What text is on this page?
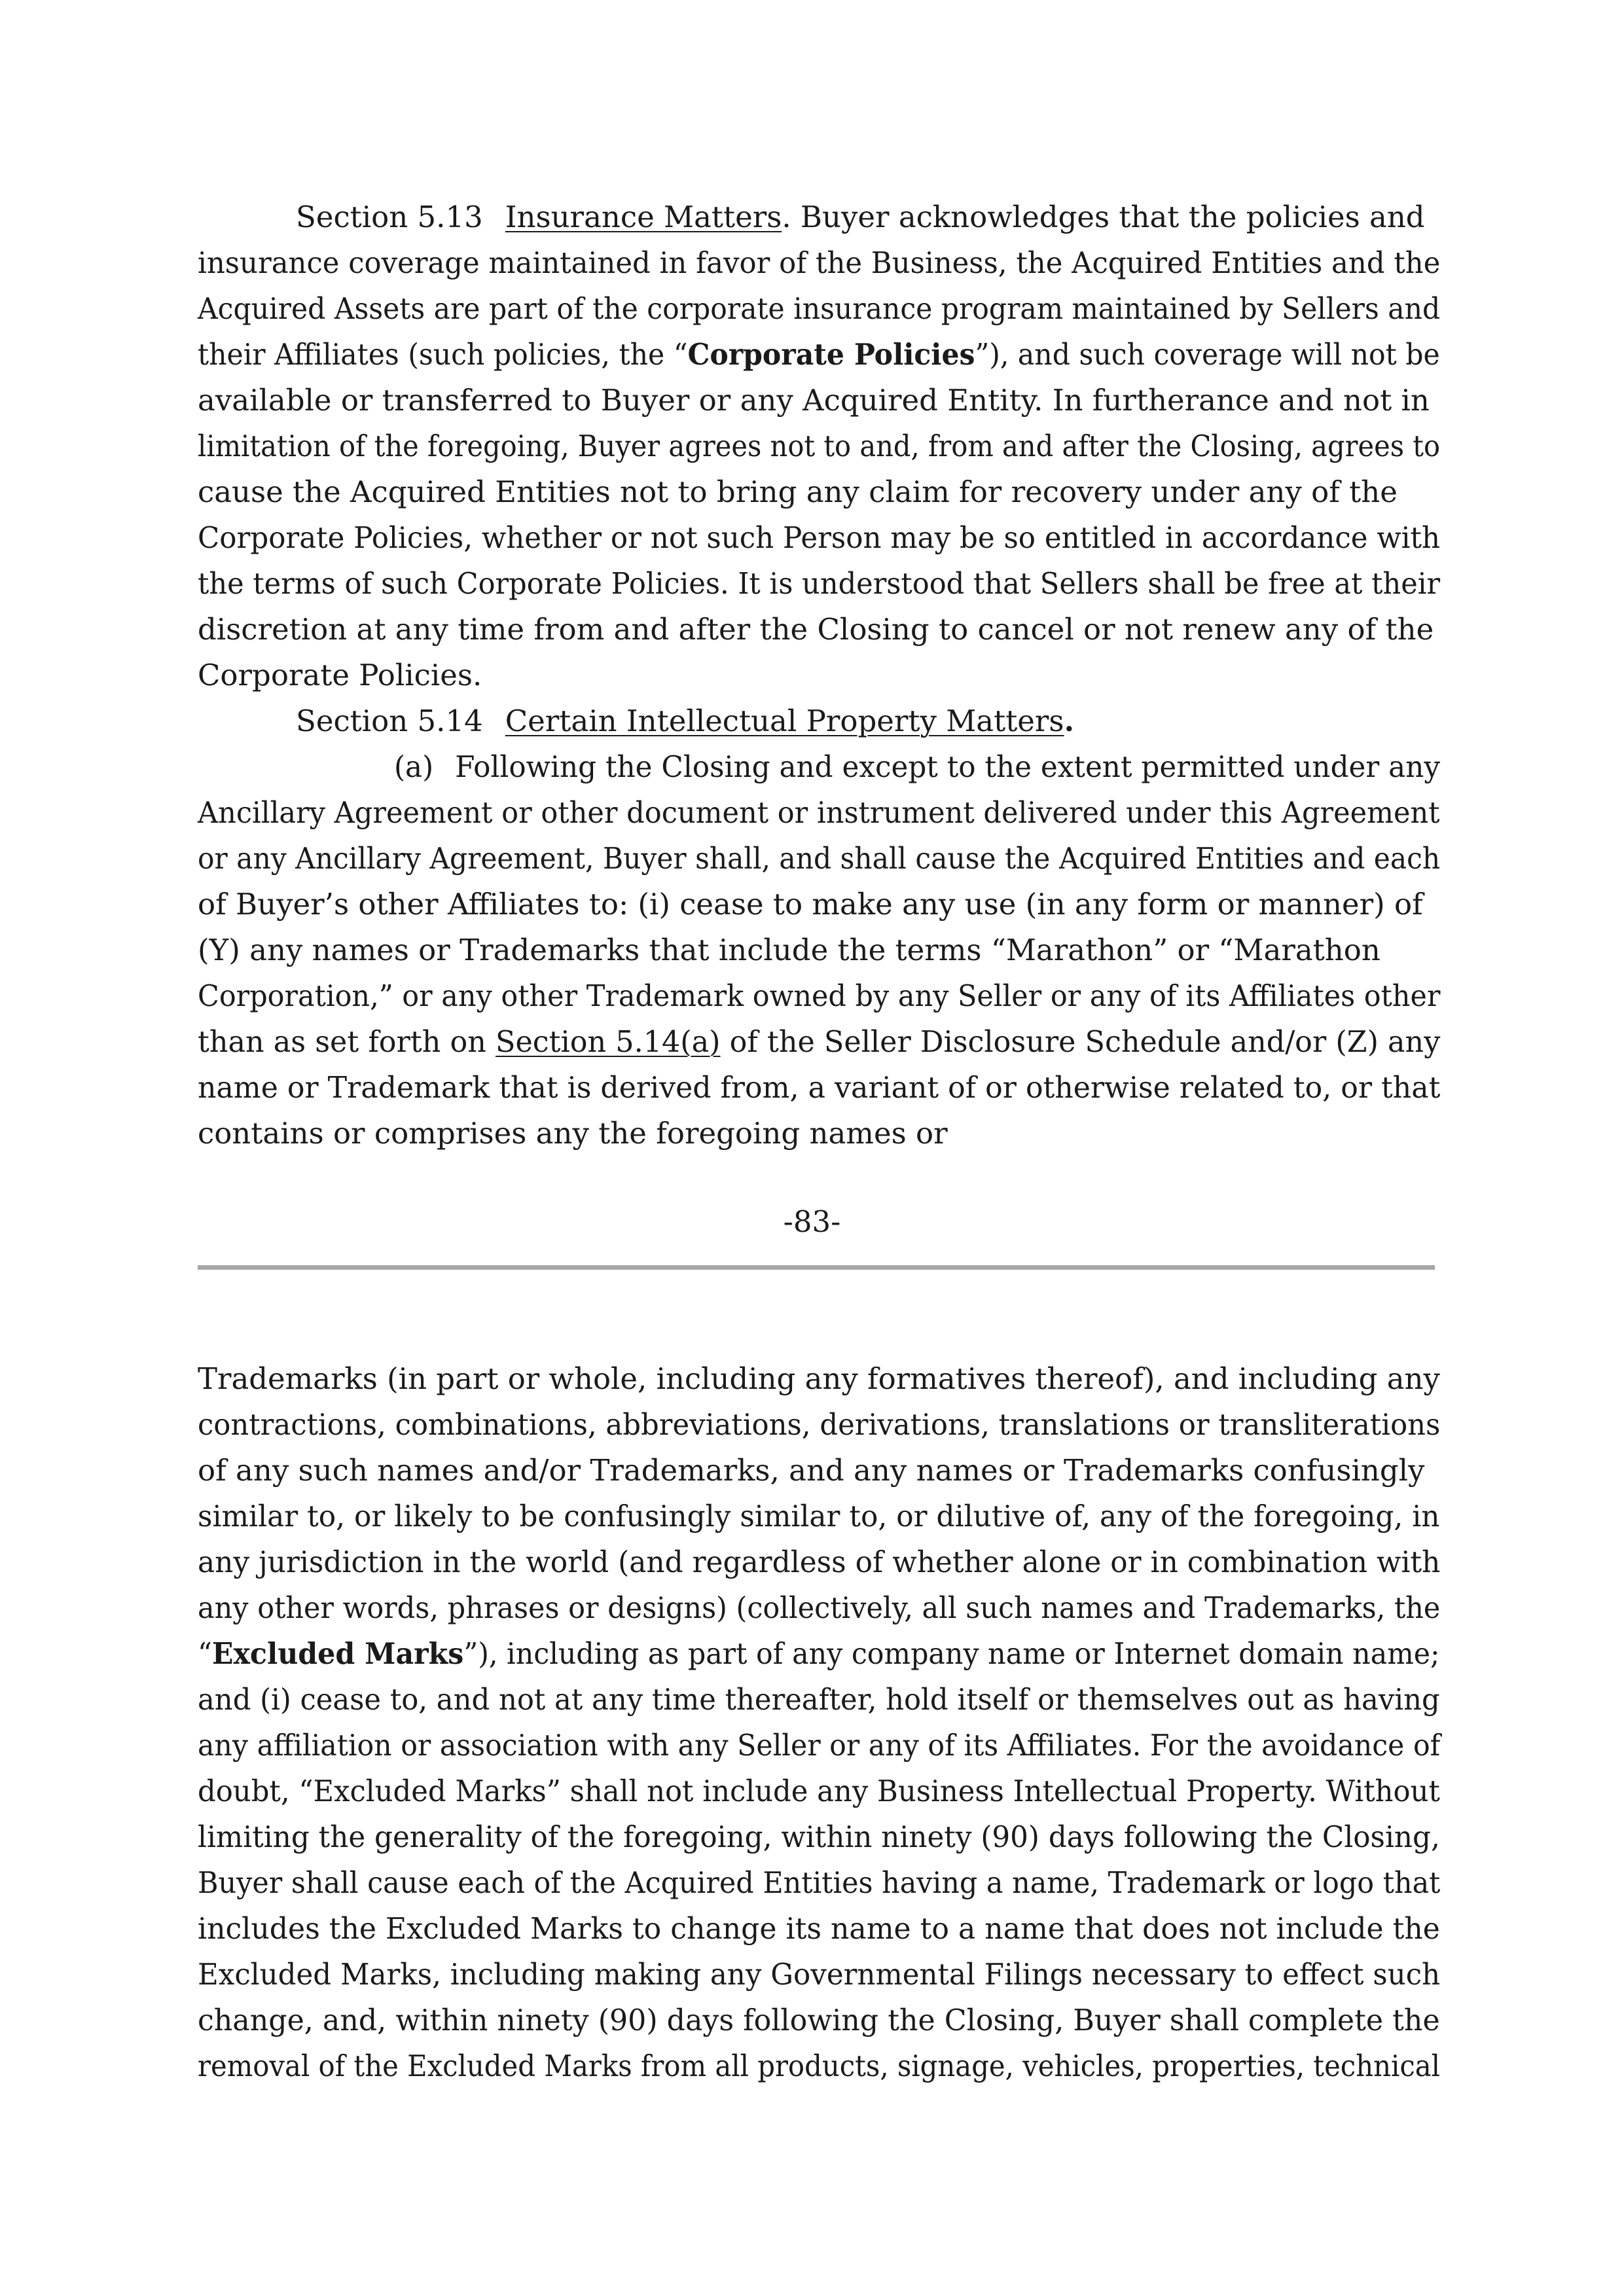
Section 5.13 Insurance Matters. Buyer acknowledges that the policies and
insurance coverage maintained in favor of the Business, the Acquired Entities and the
Acquired Assets are part of the corporate insurance program maintained by Sellers and
their Affiliates (such policies, the “Corporate Policies”), and such coverage will not be
available or transferred to Buyer or any Acquired Entity. In furtherance and not in
limitation of the foregoing, Buyer agrees not to and, from and after the Closing, agrees to
cause the Acquired Entities not to bring any claim for recovery under any of the
Corporate Policies, whether or not such Person may be so entitled in accordance with
the terms of such Corporate Policies. It is understood that Sellers shall be free at their
discretion at any time from and after the Closing to cancel or not renew any of the
Corporate Policies.
Section 5.14 Certain Intellectual Property Matters.
(a) Following the Closing and except to the extent permitted under any
Ancillary Agreement or other document or instrument delivered under this Agreement
or any Ancillary Agreement, Buyer shall, and shall cause the Acquired Entities and each
of Buyer’s other Affiliates to: (i) cease to make any use (in any form or manner) of
(Y) any names or Trademarks that include the terms “Marathon” or “Marathon
Corporation,” or any other Trademark owned by any Seller or any of its Affiliates other
than as set forth on Section 5.14(a) of the Seller Disclosure Schedule and/or (Z) any
name or Trademark that is derived from, a variant of or otherwise related to, or that
contains or comprises any the foregoing names or
-83-
Trademarks (in part or whole, including any formatives thereof), and including any
contractions, combinations, abbreviations, derivations, translations or transliterations
of any such names and/or Trademarks, and any names or Trademarks confusingly
similar to, or likely to be confusingly similar to, or dilutive of, any of the foregoing, in
any jurisdiction in the world (and regardless of whether alone or in combination with
any other words, phrases or designs) (collectively, all such names and Trademarks, the
“Excluded Marks”), including as part of any company name or Internet domain name;
and (i) cease to, and not at any time thereafter, hold itself or themselves out as having
any affiliation or association with any Seller or any of its Affiliates. For the avoidance of
doubt, “Excluded Marks” shall not include any Business Intellectual Property. Without
limiting the generality of the foregoing, within ninety (90) days following the Closing,
Buyer shall cause each of the Acquired Entities having a name, Trademark or logo that
includes the Excluded Marks to change its name to a name that does not include the
Excluded Marks, including making any Governmental Filings necessary to effect such
change, and, within ninety (90) days following the Closing, Buyer shall complete the
removal of the Excluded Marks from all products, signage, vehicles, properties, technical
